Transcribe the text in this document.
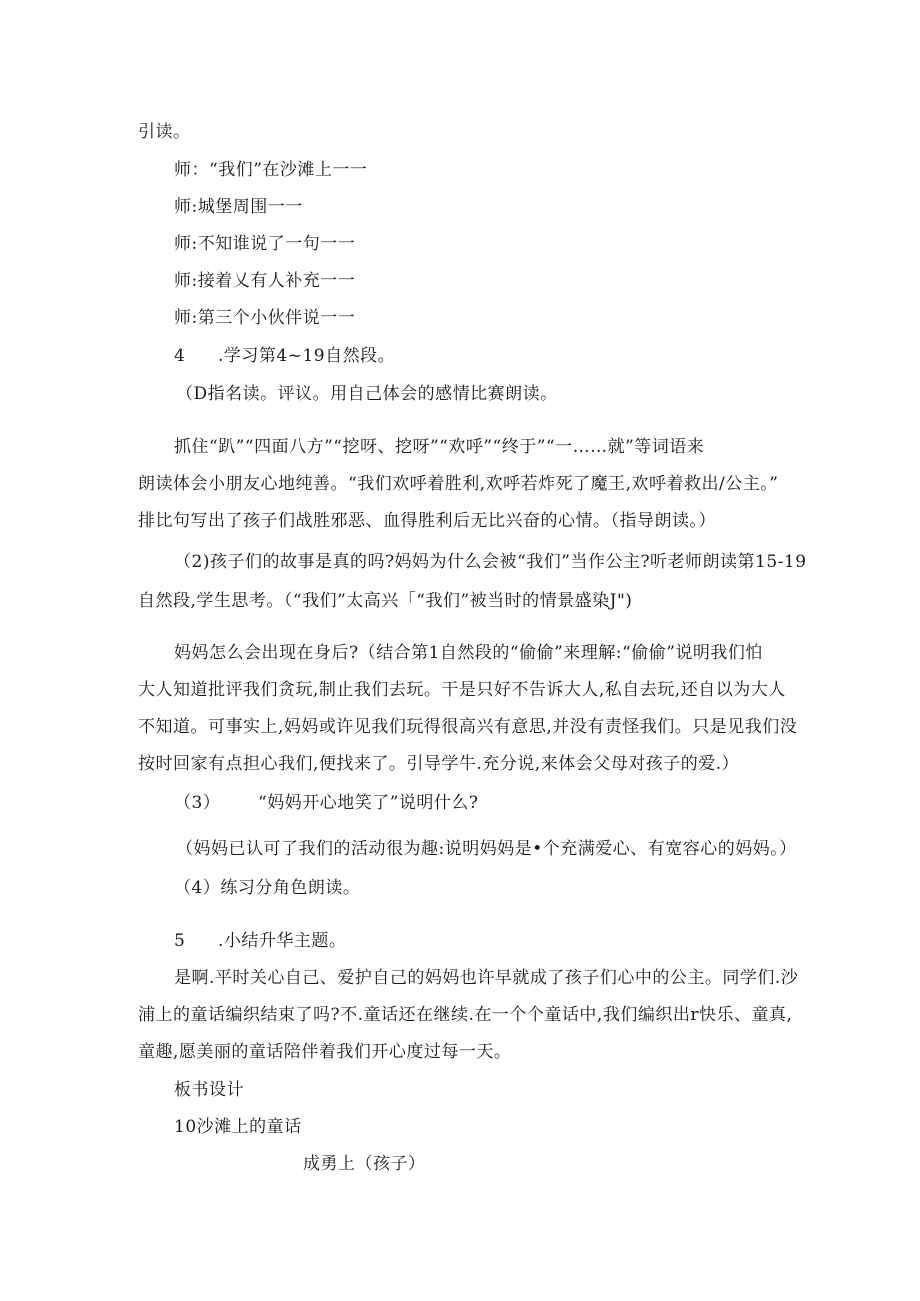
引读。
师：“我们”在沙滩上一一
师:城堡周围一一
师:不知谁说了一句一一
师:接着乂有人补充一一
师:第三个小伙伴说一一
4 .学习第4~19自然段。
（D指名读。评议。用自己体会的感情比赛朗读。
抓住“趴”“四面八方”“挖呀、挖呀”“欢呼”“终于”“一……就”等词语来
朗读体会小朋友心地纯善。“我们欢呼着胜利,欢呼若炸死了魔王,欢呼着救出/公主。”
排比句写出了孩子们战胜邪恶、血得胜利后无比兴奋的心情。（指导朗读。）
（2)孩子们的故事是真的吗?妈妈为什么会被“我们”当作公主?听老师朗读第15-19
自然段,学生思考。（“我们”太高兴「“我们”被当时的情景盛染J")
妈妈怎么会出现在身后?（结合第1自然段的“偷偷”来理解:“偷偷”说明我们怕
大人知道批评我们贪玩,制止我们去玩。干是只好不告诉大人,私自去玩,还自以为大人
不知道。可事实上,妈妈或许见我们玩得很高兴有意思,并没有责怪我们。只是见我们没
按时回家有点担心我们,便找来了。引导学牛.充分说,来体会父母对孩子的爱.）
（3） “妈妈开心地笑了”说明什么?
（妈妈已认可了我们的活动很为趣:说明妈妈是•个充满爱心、有宽容心的妈妈。）
（4）练习分角色朗读。
5 .小结升华主题。
是啊.平时关心自己、爱护自己的妈妈也许早就成了孩子们心中的公主。同学们.沙
浦上的童话编织结束了吗?不.童话还在继续.在一个个童话中,我们编织出r快乐、童真,
童趣,愿美丽的童话陪伴着我们开心度过每一天。
板书设计
10沙滩上的童话
成勇上（孩子）
